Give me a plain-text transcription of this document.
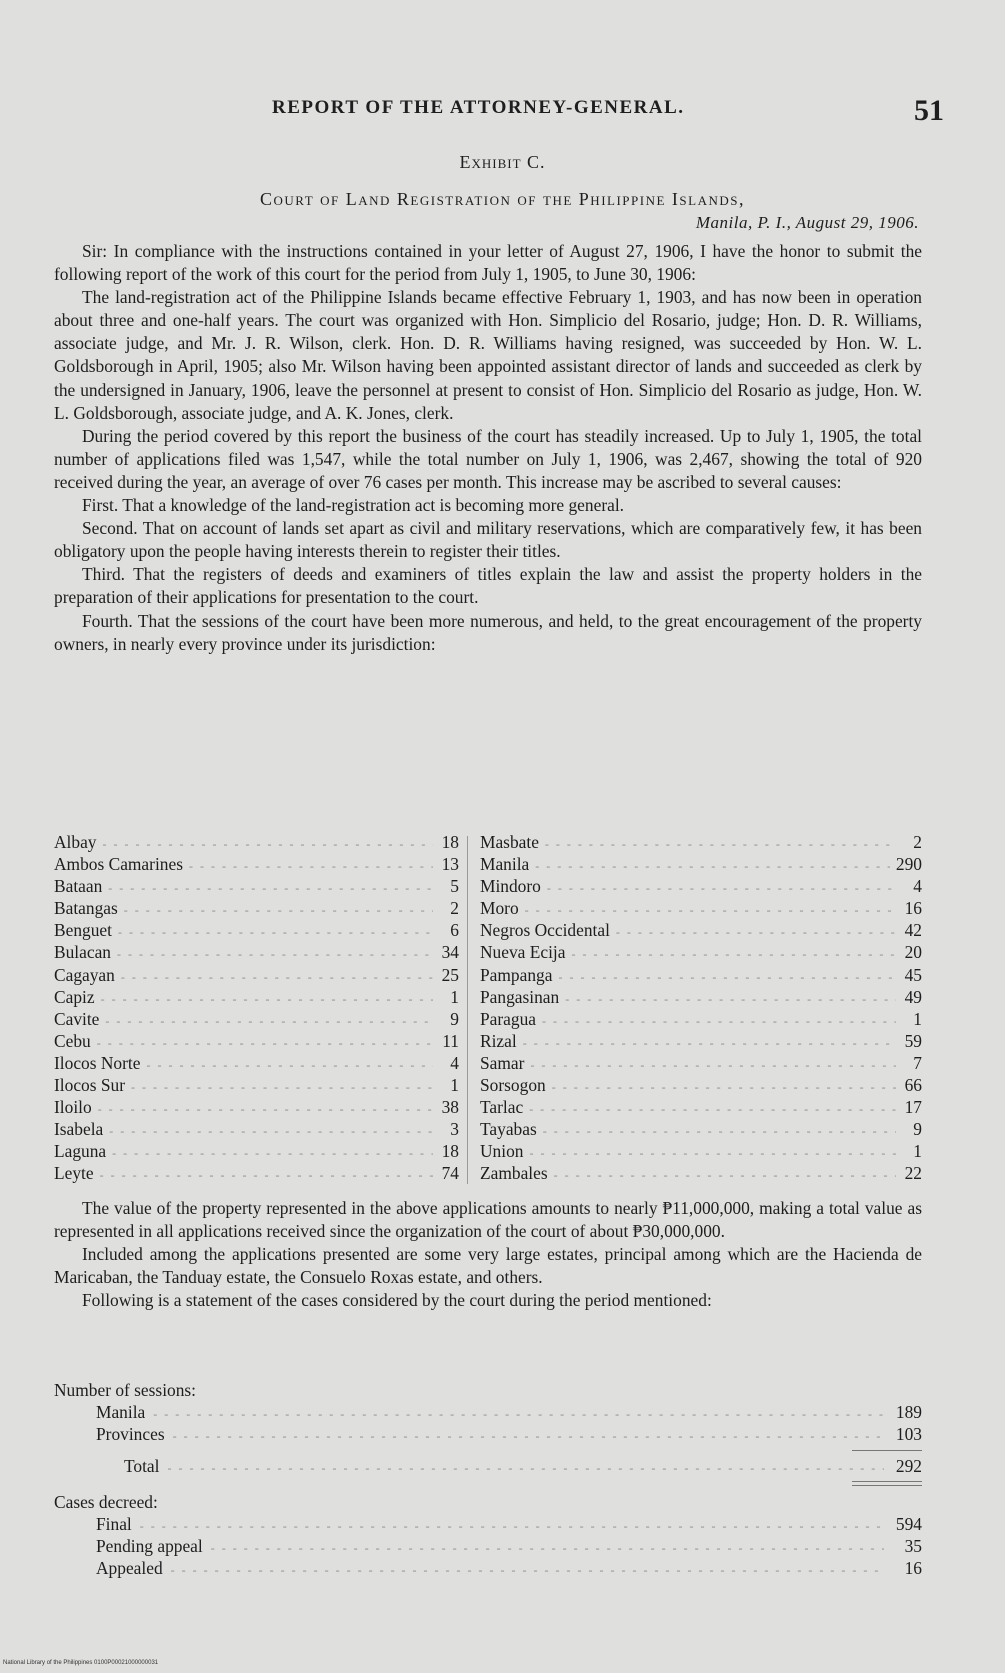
REPORT OF THE ATTORNEY-GENERAL.	51
Exhibit C.
Court of Land Registration of the Philippine Islands,
Manila, P. I., August 29, 1906.

Sir: In compliance with the instructions contained in your letter of August 27, 1906, I have the honor to submit the following report of the work of this court for the period from July 1, 1905, to June 30, 1906:

The land-registration act of the Philippine Islands became effective February 1, 1903, and has now been in operation about three and one-half years. The court was organized with Hon. Simplicio del Rosario, judge; Hon. D. R. Williams, associate judge, and Mr. J. R. Wilson, clerk. Hon. D. R. Williams having resigned, was succeeded by Hon. W. L. Goldsborough in April, 1905; also Mr. Wilson having been appointed assistant director of lands and succeeded as clerk by the undersigned in January, 1906, leave the personnel at present to consist of Hon. Simplicio del Rosario as judge, Hon. W. L. Goldsborough, associate judge, and A. K. Jones, clerk.

During the period covered by this report the business of the court has steadily increased. Up to July 1, 1905, the total number of applications filed was 1,547, while the total number on July 1, 1906, was 2,467, showing the total of 920 received during the year, an average of over 76 cases per month. This increase may be ascribed to several causes:

First. That a knowledge of the land-registration act is becoming more general.

Second. That on account of lands set apart as civil and military reservations, which are comparatively few, it has been obligatory upon the people having interests therein to register their titles.

Third. That the registers of deeds and examiners of titles explain the law and assist the property holders in the preparation of their applications for presentation to the court.

Fourth. That the sessions of the court have been more numerous, and held, to the great encouragement of the property owners, in nearly every province under its jurisdiction:

Albay - - -	18
Ambos Camarines - - -	13
Bataan - - -	5
Batangas - - -	2
Benguet - - -	6
Bulacan - - -	34
Cagayan - - -	25
Capiz - - -	1
Cavite - - -	9
Cebu - - -	11
Ilocos Norte - - -	4
Ilocos Sur - - -	1
Iloilo - - -	38
Isabela - - -	3
Laguna - - -	18
Leyte - - -	74
Masbate - - -	2
Manila - - -	290
Mindoro - - -	4
Moro - - -	16
Negros Occidental - - -	42
Nueva Ecija - - -	20
Pampanga - - -	45
Pangasinan - - -	49
Paragua - - -	1
Rizal - - -	59
Samar - - -	7
Sorsogon - - -	66
Tarlac - - -	17
Tayabas - - -	9
Union - - -	1
Zambales - - -	22

The value of the property represented in the above applications amounts to nearly ₱11,000,000, making a total value as represented in all applications received since the organization of the court of about ₱30,000,000.

Included among the applications presented are some very large estates, principal among which are the Hacienda de Maricaban, the Tanduay estate, the Consuelo Roxas estate, and others.

Following is a statement of the cases considered by the court during the period mentioned:

Number of sessions:
Manila - - -	189
Provinces - - -	103
Total - - -	292
Cases decreed:
Final - - -	594
Pending appeal - - -	35
Appealed - - -	16
National Library of the Philippines 0100P00021000000031
